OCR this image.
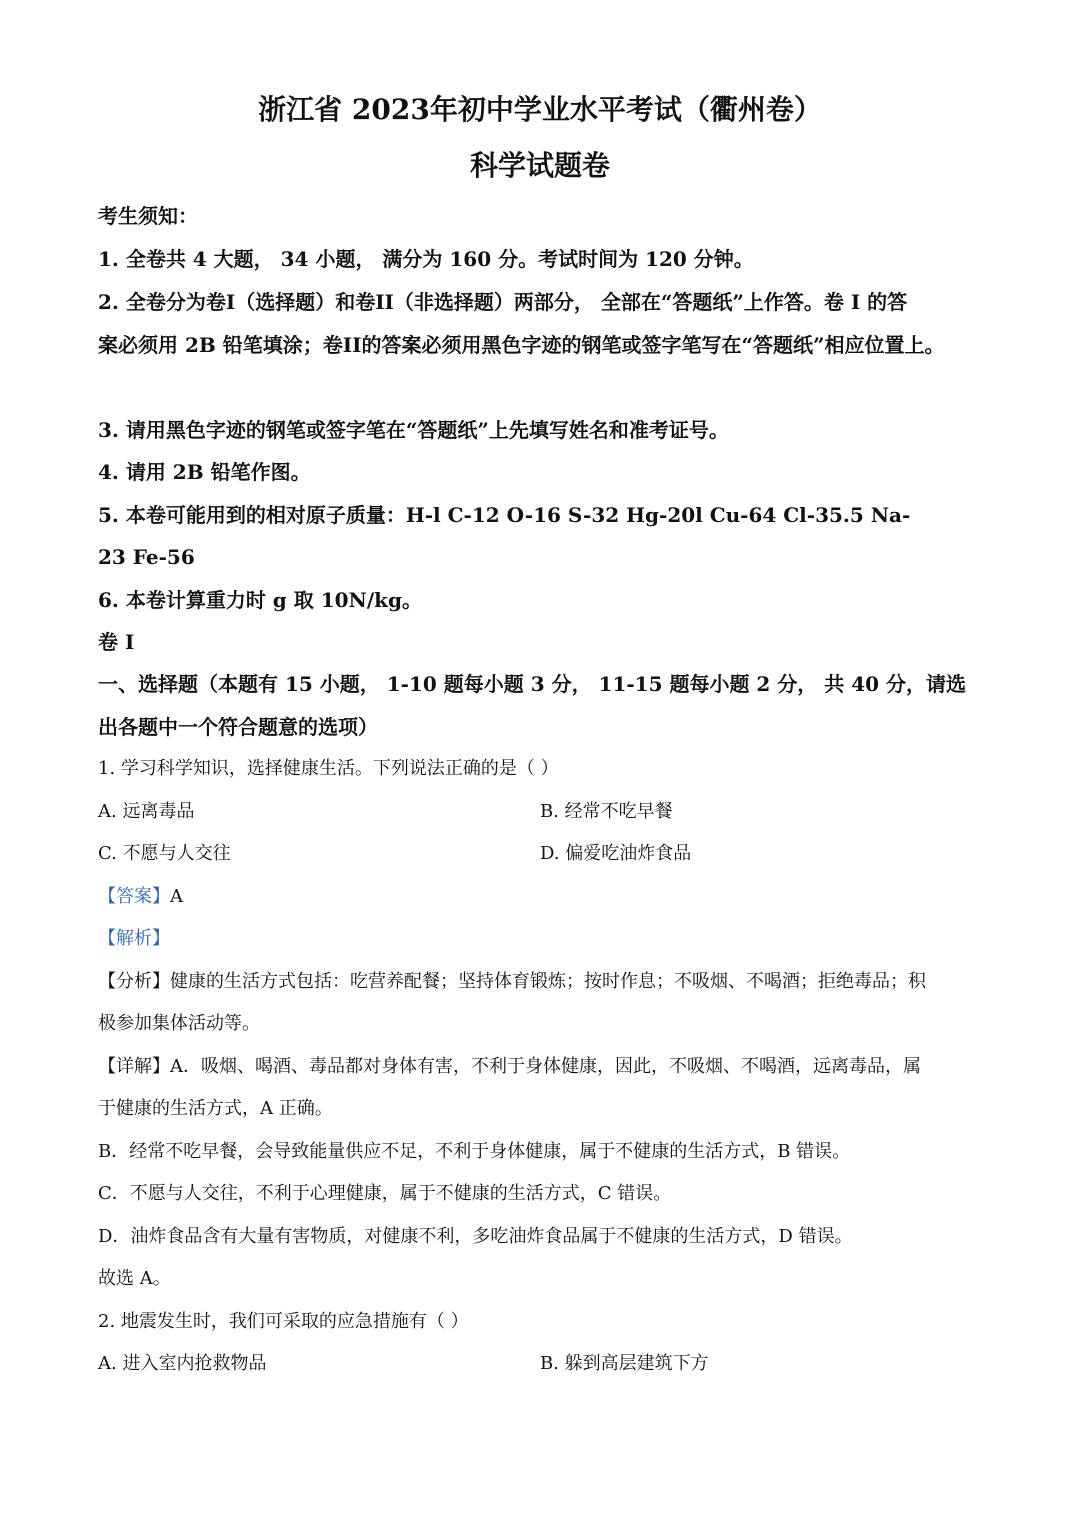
浙江省 2023年初中学业水平考试（衢州卷）
科学试题卷
考生须知：
1. 全卷共 4 大题， 34 小题， 满分为 160 分。考试时间为 120 分钟。
2. 全卷分为卷I（选择题）和卷II（非选择题）两部分， 全部在“答题纸”上作答。卷 I 的答
案必须用 2B 铅笔填涂；卷II的答案必须用黑色字迹的钢笔或签字笔写在“答题纸”相应位置上。
3. 请用黑色字迹的钢笔或签字笔在“答题纸”上先填写姓名和准考证号。
4. 请用 2B 铅笔作图。
5. 本卷可能用到的相对原子质量：H-l C-12 O-16 S-32 Hg-20l Cu-64 Cl-35.5 Na-
23 Fe-56
6. 本卷计算重力时 g 取 10N/kg。
卷 I
一、选择题（本题有 15 小题， 1-10 题每小题 3 分， 11-15 题每小题 2 分， 共 40 分，请选
出各题中一个符合题意的选项）
1. 学习科学知识，选择健康生活。下列说法正确的是（ ）
A. 远离毒品	B. 经常不吃早餐
C. 不愿与人交往	D. 偏爱吃油炸食品
【答案】A
【解析】
【分析】健康的生活方式包括：吃营养配餐；坚持体育锻炼；按时作息；不吸烟、不喝酒；拒绝毒品；积
极参加集体活动等。
【详解】A．吸烟、喝酒、毒品都对身体有害，不利于身体健康，因此，不吸烟、不喝酒，远离毒品，属
于健康的生活方式，A 正确。
B．经常不吃早餐，会导致能量供应不足，不利于身体健康，属于不健康的生活方式，B 错误。
C．不愿与人交往，不利于心理健康，属于不健康的生活方式，C 错误。
D．油炸食品含有大量有害物质，对健康不利，多吃油炸食品属于不健康的生活方式，D 错误。
故选 A。
2. 地震发生时，我们可采取的应急措施有（ ）
A. 进入室内抢救物品	B. 躲到高层建筑下方
